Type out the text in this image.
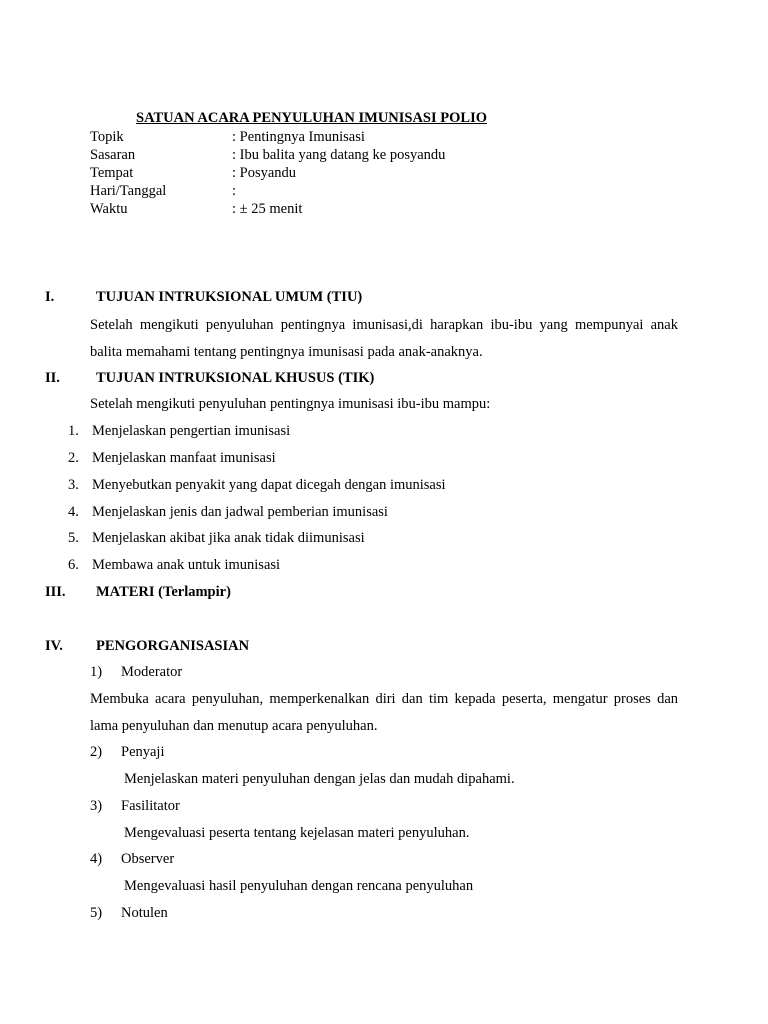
SATUAN ACARA PENYULUHAN IMUNISASI POLIO
Topik	: Pentingnya Imunisasi
Sasaran	: Ibu balita yang datang ke posyandu
Tempat	: Posyandu
Hari/Tanggal	:
Waktu	: ± 25 menit
I.	TUJUAN INTRUKSIONAL UMUM (TIU)
Setelah mengikuti penyuluhan pentingnya imunisasi,di harapkan ibu-ibu yang mempunyai anak balita memahami tentang pentingnya imunisasi pada anak-anaknya.
II. TUJUAN INTRUKSIONAL KHUSUS (TIK)
Setelah mengikuti penyuluhan pentingnya imunisasi ibu-ibu mampu:
1. Menjelaskan pengertian imunisasi
2. Menjelaskan manfaat imunisasi
3. Menyebutkan penyakit yang dapat dicegah dengan imunisasi
4. Menjelaskan jenis dan jadwal pemberian imunisasi
5. Menjelaskan akibat jika anak tidak diimunisasi
6. Membawa anak untuk imunisasi
III. MATERI (Terlampir)
IV. PENGORGANISASIAN
1) Moderator
Membuka acara penyuluhan, memperkenalkan diri dan tim kepada peserta, mengatur proses dan lama penyuluhan dan menutup acara penyuluhan.
2) Penyaji
Menjelaskan materi penyuluhan dengan jelas dan mudah dipahami.
3) Fasilitator
Mengevaluasi peserta tentang kejelasan materi penyuluhan.
4) Observer
Mengevaluasi hasil penyuluhan dengan rencana penyuluhan
5) Notulen
